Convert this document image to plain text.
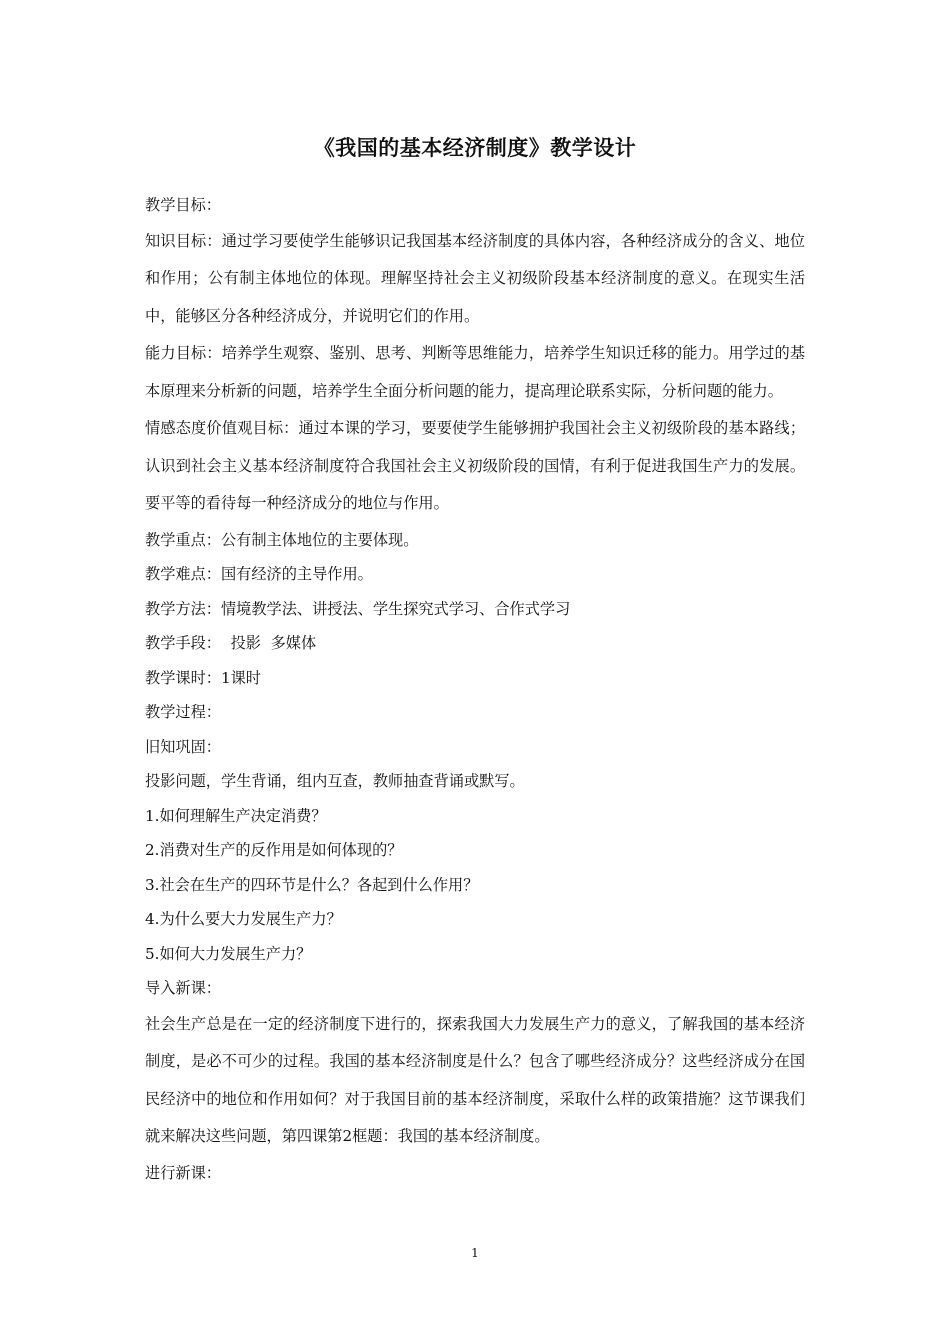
《我国的基本经济制度》教学设计
教学目标：
知识目标：通过学习要使学生能够识记我国基本经济制度的具体内容，各种经济成分的含义、地位和作用；公有制主体地位的体现。理解坚持社会主义初级阶段基本经济制度的意义。在现实生活中，能够区分各种经济成分，并说明它们的作用。
能力目标：培养学生观察、鉴别、思考、判断等思维能力，培养学生知识迁移的能力。用学过的基本原理来分析新的问题，培养学生全面分析问题的能力，提高理论联系实际，分析问题的能力。
情感态度价值观目标：通过本课的学习，要要使学生能够拥护我国社会主义初级阶段的基本路线；认识到社会主义基本经济制度符合我国社会主义初级阶段的国情，有利于促进我国生产力的发展。要平等的看待每一种经济成分的地位与作用。
教学重点：公有制主体地位的主要体现。
教学难点：国有经济的主导作用。
教学方法：情境教学法、讲授法、学生探究式学习、合作式学习
教学手段：  投影  多媒体
教学课时：1课时
教学过程：
旧知巩固：
投影问题，学生背诵，组内互查，教师抽查背诵或默写。
1.如何理解生产决定消费？
2.消费对生产的反作用是如何体现的？
3.社会在生产的四环节是什么？各起到什么作用？
4.为什么要大力发展生产力？
5.如何大力发展生产力？
导入新课：
社会生产总是在一定的经济制度下进行的，探索我国大力发展生产力的意义，了解我国的基本经济制度，是必不可少的过程。我国的基本经济制度是什么？包含了哪些经济成分？这些经济成分在国民经济中的地位和作用如何？对于我国目前的基本经济制度，采取什么样的政策措施？这节课我们就来解决这些问题，第四课第2框题：我国的基本经济制度。
进行新课：
1
